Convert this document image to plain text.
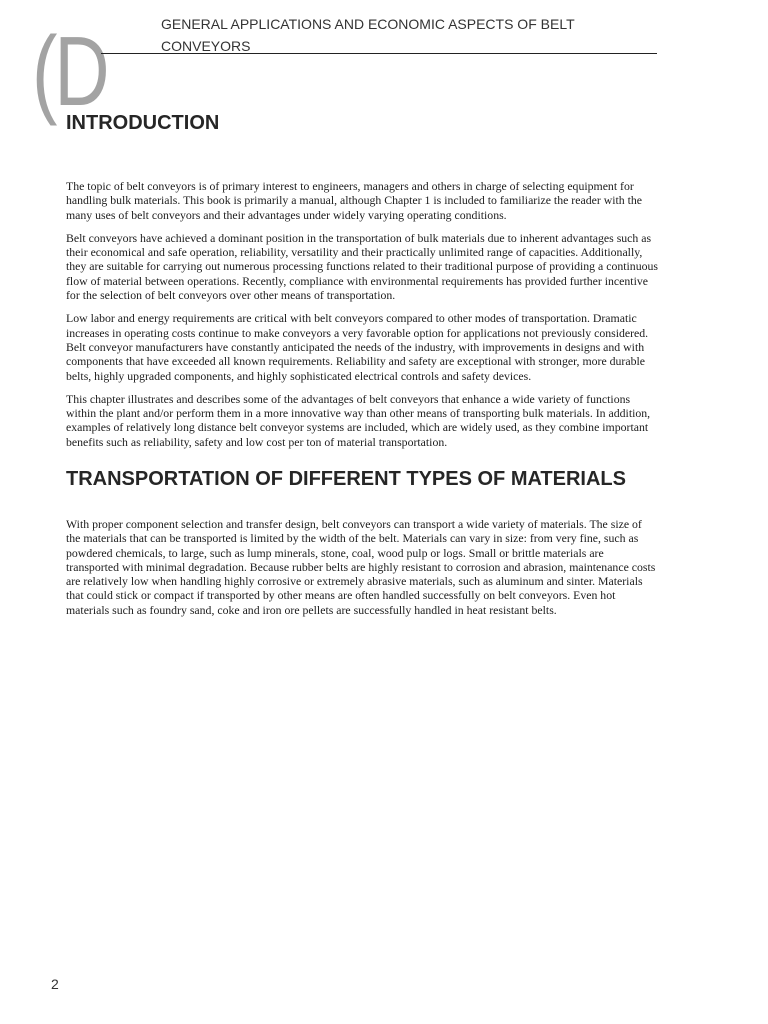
(D	GENERAL APPLICATIONS AND ECONOMIC ASPECTS OF BELT CONVEYORS
INTRODUCTION

The topic of belt conveyors is of primary interest to engineers, managers and others in charge of selecting equipment for handling bulk materials. This book is primarily a manual, although Chapter 1 is included to familiarize the reader with the many uses of belt conveyors and their advantages under widely varying operating conditions.

Belt conveyors have achieved a dominant position in the transportation of bulk materials due to inherent advantages such as their economical and safe operation, reliability, versatility and their practically unlimited range of capacities. Additionally, they are suitable for carrying out numerous processing functions related to their traditional purpose of providing a continuous flow of material between operations. Recently, compliance with environmental requirements has provided further incentive for the selection of belt conveyors over other means of transportation.

Low labor and energy requirements are critical with belt conveyors compared to other modes of transportation. Dramatic increases in operating costs continue to make conveyors a very favorable option for applications not previously considered. Belt conveyor manufacturers have constantly anticipated the needs of the industry, with improvements in designs and with components that have exceeded all known requirements. Reliability and safety are exceptional with stronger, more durable belts, highly upgraded components, and highly sophisticated electrical controls and safety devices.

This chapter illustrates and describes some of the advantages of belt conveyors that enhance a wide variety of functions within the plant and/or perform them in a more innovative way than other means of transporting bulk materials. In addition, examples of relatively long distance belt conveyor systems are included, which are widely used, as they combine important benefits such as reliability, safety and low cost per ton of material transportation.

TRANSPORTATION OF DIFFERENT TYPES OF MATERIALS

With proper component selection and transfer design, belt conveyors can transport a wide variety of materials. The size of the materials that can be transported is limited by the width of the belt. Materials can vary in size: from very fine, such as powdered chemicals, to large, such as lump minerals, stone, coal, wood pulp or logs. Small or brittle materials are transported with minimal degradation. Because rubber belts are highly resistant to corrosion and abrasion, maintenance costs are relatively low when handling highly corrosive or extremely abrasive materials, such as aluminum and sinter. Materials that could stick or compact if transported by other means are often handled successfully on belt conveyors. Even hot materials such as foundry sand, coke and iron ore pellets are successfully handled in heat resistant belts.

2
